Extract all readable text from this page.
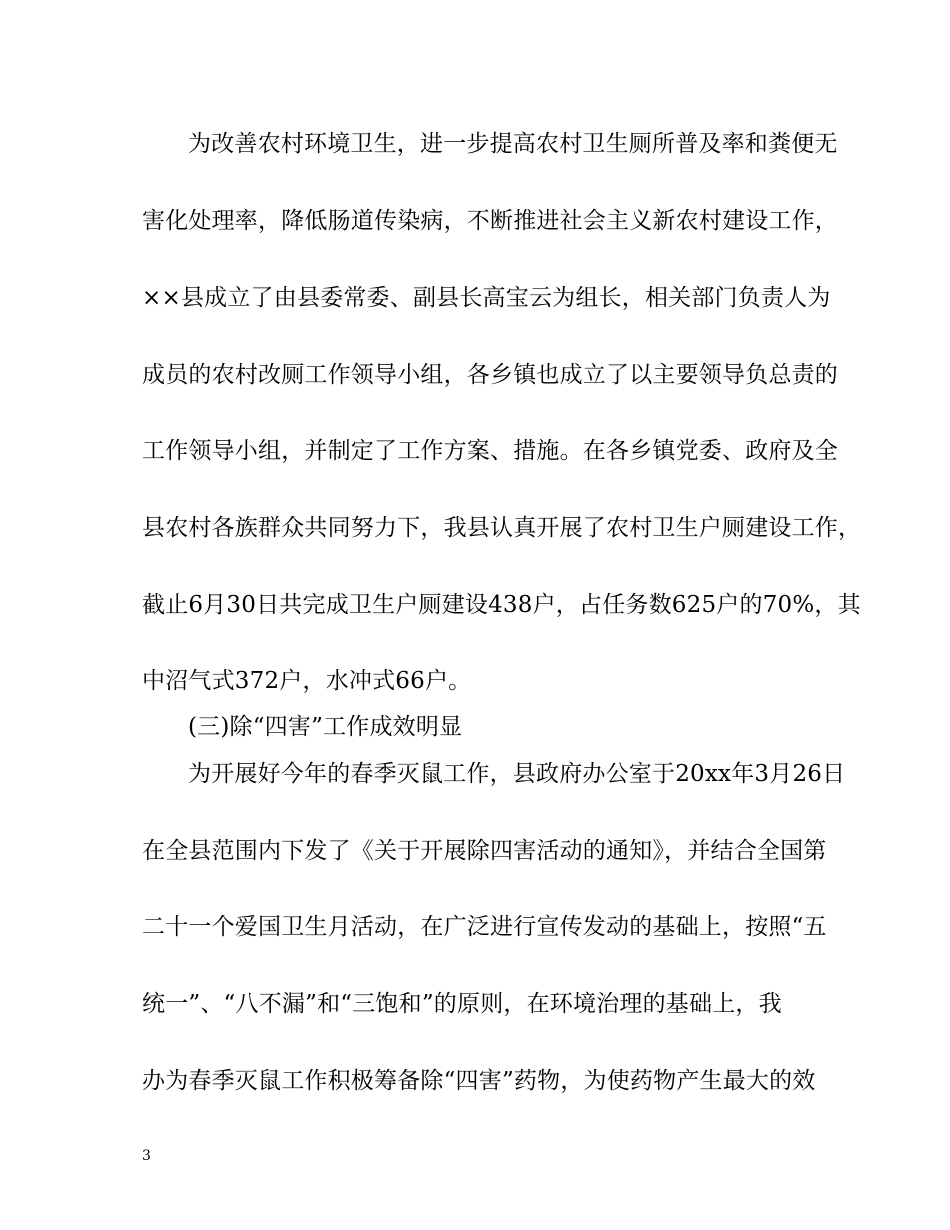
为改善农村环境卫生，进一步提高农村卫生厕所普及率和粪便无

害化处理率，降低肠道传染病，不断推进社会主义新农村建设工作，

××县成立了由县委常委、副县长高宝云为组长，相关部门负责人为

成员的农村改厕工作领导小组，各乡镇也成立了以主要领导负总责的

工作领导小组，并制定了工作方案、措施。在各乡镇党委、政府及全

县农村各族群众共同努力下，我县认真开展了农村卫生户厕建设工作，

截止6月30日共完成卫生户厕建设438户，占任务数625户的70%，其

中沼气式372户，水冲式66户。

(三)除“四害”工作成效明显

为开展好今年的春季灭鼠工作，县政府办公室于20xx年3月26日

在全县范围内下发了《关于开展除四害活动的通知》，并结合全国第

二十一个爱国卫生月活动，在广泛进行宣传发动的基础上，按照“五

统一”、“八不漏”和“三饱和”的原则，在环境治理的基础上，我

办为春季灭鼠工作积极筹备除“四害”药物，为使药物产生最大的效

3
